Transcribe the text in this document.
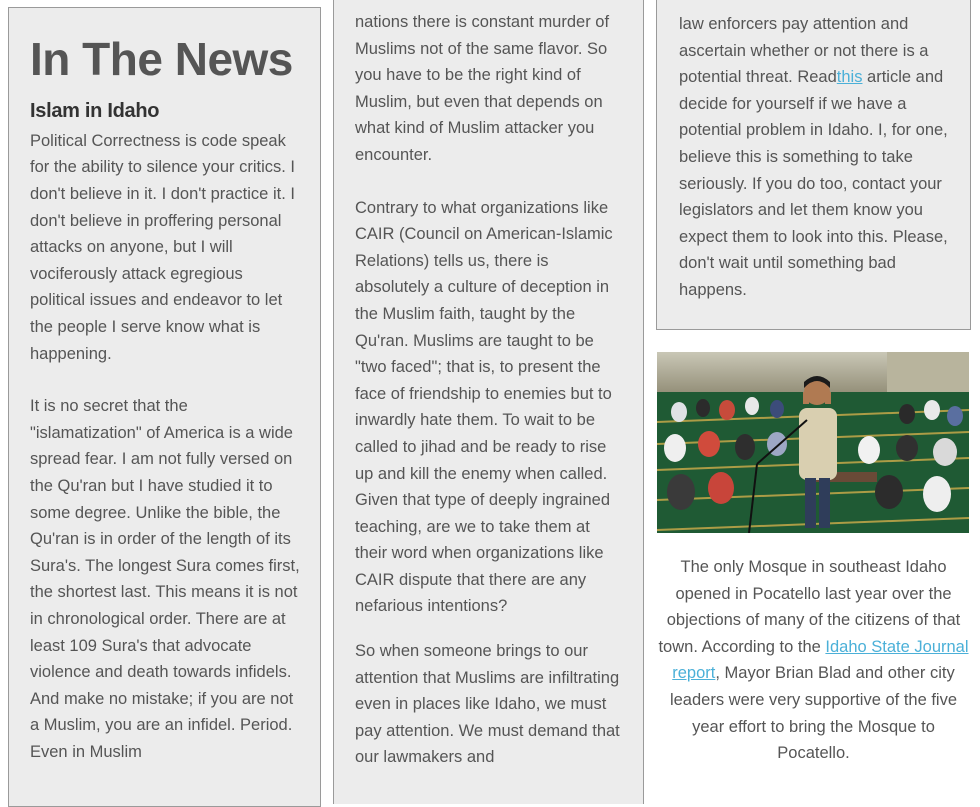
In The News
Islam in Idaho

Political Correctness is code speak for the ability to silence your critics. I don't believe in it. I don't practice it. I don't believe in proffering personal attacks on anyone, but I will vociferously attack egregious political issues and endeavor to let the people I serve know what is happening.

It is no secret that the "islamatization" of America is a wide spread fear. I am not fully versed on the Qu'ran but I have studied it to some degree. Unlike the bible, the Qu'ran is in order of the length of its Sura's. The longest Sura comes first, the shortest last. This means it is not in chronological order. There are at least 109 Sura's that advocate violence and death towards infidels. And make no mistake; if you are not a Muslim, you are an infidel. Period. Even in Muslim

nations there is constant murder of Muslims not of the same flavor. So you have to be the right kind of Muslim, but even that depends on what kind of Muslim attacker you encounter.

Contrary to what organizations like CAIR (Council on American-Islamic Relations) tells us, there is absolutely a culture of deception in the Muslim faith, taught by the Qu'ran. Muslims are taught to be "two faced"; that is, to present the face of friendship to enemies but to inwardly hate them. To wait to be called to jihad and be ready to rise up and kill the enemy when called. Given that type of deeply ingrained teaching, are we to take them at their word when organizations like CAIR dispute that there are any nefarious intentions?

So when someone brings to our attention that Muslims are infiltrating even in places like Idaho, we must pay attention. We must demand that our lawmakers and

law enforcers pay attention and ascertain whether or not there is a potential threat. Readthis article and decide for yourself if we have a potential problem in Idaho. I, for one, believe this is something to take seriously. If you do too, contact your legislators and let them know you expect them to look into this. Please, don't wait until something bad happens.

The only Mosque in southeast Idaho opened in Pocatello last year over the objections of many of the citizens of that town. According to the Idaho State Journal report, Mayor Brian Blad and other city leaders were very supportive of the five year effort to bring the Mosque to Pocatello.
